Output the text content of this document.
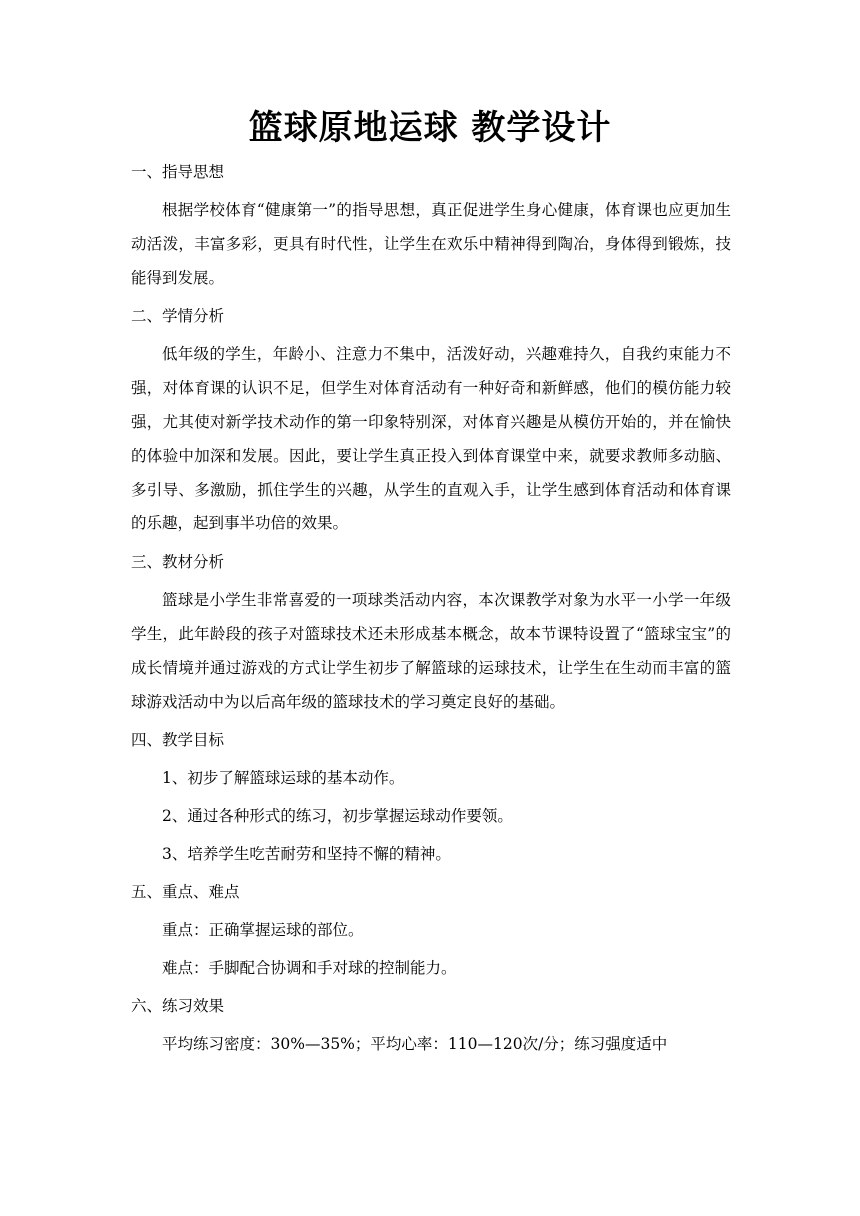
篮球原地运球 教学设计
一、指导思想
根据学校体育“健康第一”的指导思想，真正促进学生身心健康，体育课也应更加生动活泼，丰富多彩，更具有时代性，让学生在欢乐中精神得到陶冶，身体得到锻炼，技能得到发展。
二、学情分析
低年级的学生，年龄小、注意力不集中，活泼好动，兴趣难持久，自我约束能力不强，对体育课的认识不足，但学生对体育活动有一种好奇和新鲜感，他们的模仿能力较强，尤其使对新学技术动作的第一印象特别深，对体育兴趣是从模仿开始的，并在愉快的体验中加深和发展。因此，要让学生真正投入到体育课堂中来，就要求教师多动脑、多引导、多激励，抓住学生的兴趣，从学生的直观入手，让学生感到体育活动和体育课的乐趣，起到事半功倍的效果。
三、教材分析
篮球是小学生非常喜爱的一项球类活动内容，本次课教学对象为水平一小学一年级学生，此年龄段的孩子对篮球技术还未形成基本概念，故本节课特设置了“篮球宝宝”的成长情境并通过游戏的方式让学生初步了解篮球的运球技术，让学生在生动而丰富的篮球游戏活动中为以后高年级的篮球技术的学习奠定良好的基础。
四、教学目标
1、初步了解篮球运球的基本动作。
2、通过各种形式的练习，初步掌握运球动作要领。
3、培养学生吃苦耐劳和坚持不懈的精神。
五、重点、难点
重点：正确掌握运球的部位。
难点：手脚配合协调和手对球的控制能力。
六、练习效果
平均练习密度：30%—35%；平均心率：110—120次/分；练习强度适中
